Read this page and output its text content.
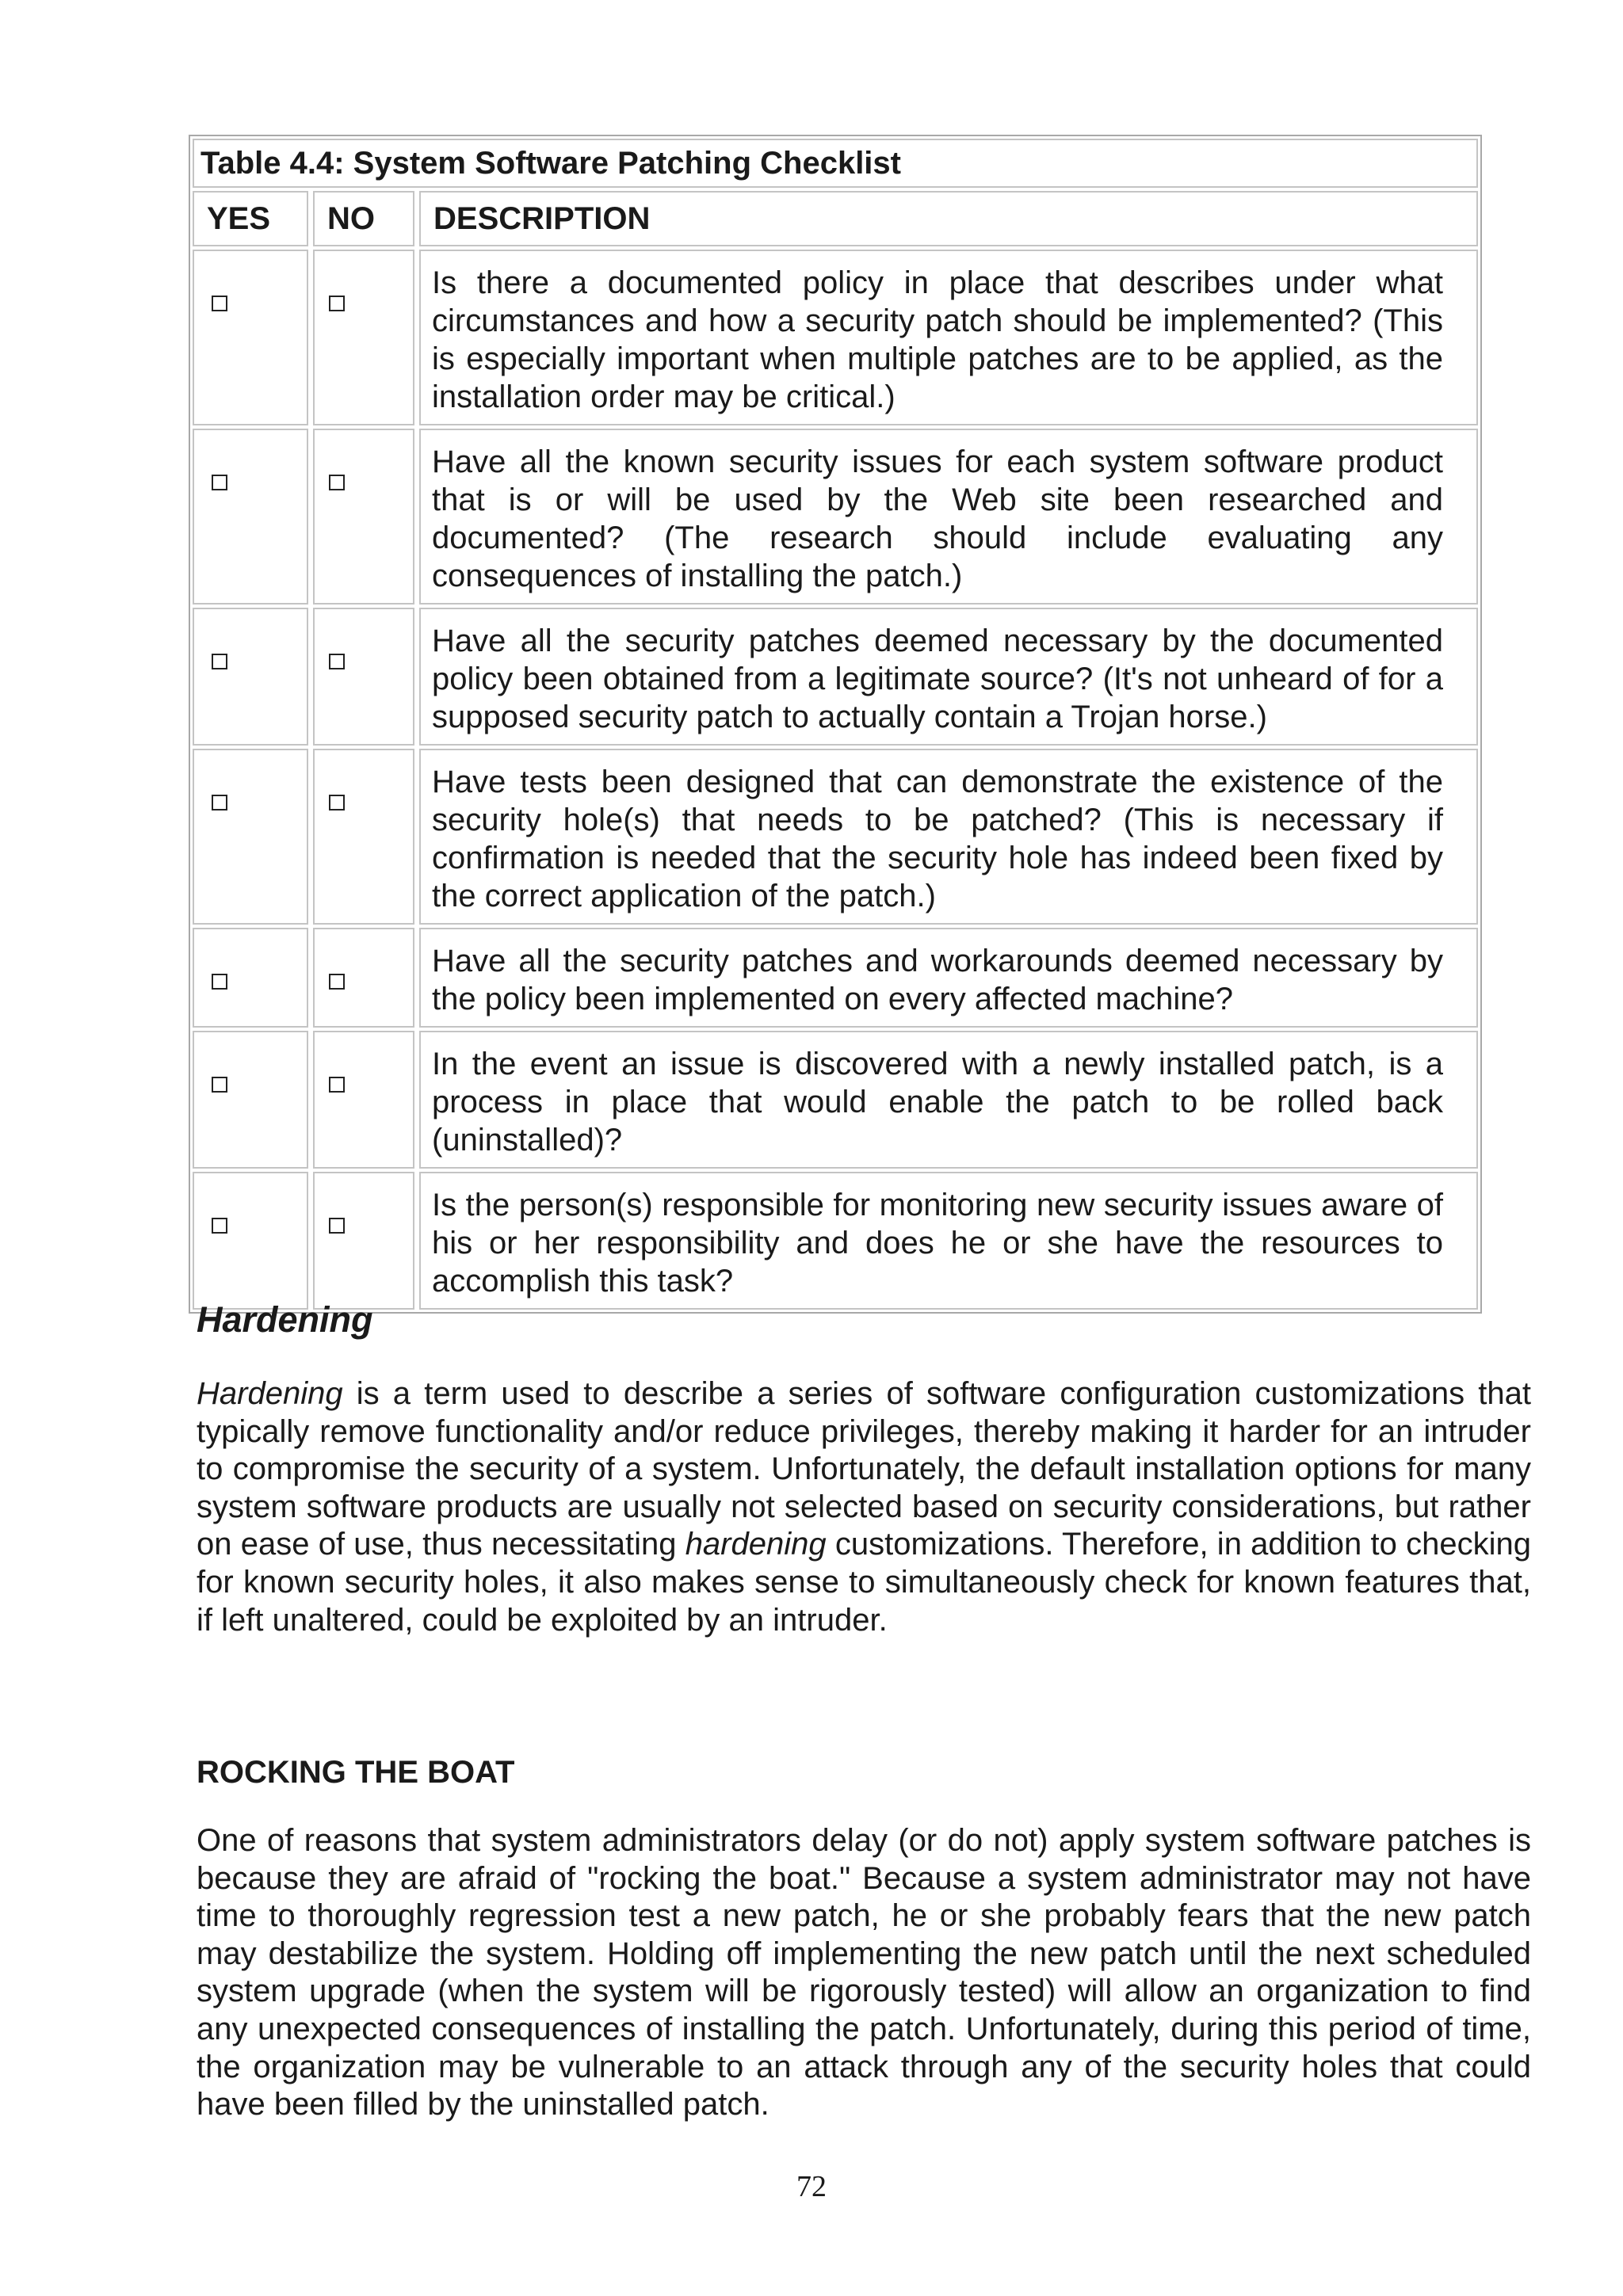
Table 4.4: System Software Patching Checklist
YES	NO	DESCRIPTION
Is there a documented policy in place that describes under what circumstances and how a security patch should be implemented? (This is especially important when multiple patches are to be applied, as the installation order may be critical.)
Have all the known security issues for each system software product that is or will be used by the Web site been researched and documented? (The research should include evaluating any consequences of installing the patch.)
Have all the security patches deemed necessary by the documented policy been obtained from a legitimate source? (It's not unheard of for a supposed security patch to actually contain a Trojan horse.)
Have tests been designed that can demonstrate the existence of the security hole(s) that needs to be patched? (This is necessary if confirmation is needed that the security hole has indeed been fixed by the correct application of the patch.)
Have all the security patches and workarounds deemed necessary by the policy been implemented on every affected machine?
In the event an issue is discovered with a newly installed patch, is a process in place that would enable the patch to be rolled back (uninstalled)?
Is the person(s) responsible for monitoring new security issues aware of his or her responsibility and does he or she have the resources to accomplish this task?
Hardening

Hardening is a term used to describe a series of software configuration customizations that typically remove functionality and/or reduce privileges, thereby making it harder for an intruder to compromise the security of a system. Unfortunately, the default installation options for many system software products are usually not selected based on security considerations, but rather on ease of use, thus necessitating hardening customizations. Therefore, in addition to checking for known security holes, it also makes sense to simultaneously check for known features that, if left unaltered, could be exploited by an intruder.

ROCKING THE BOAT

One of reasons that system administrators delay (or do not) apply system software patches is because they are afraid of "rocking the boat." Because a system administrator may not have time to thoroughly regression test a new patch, he or she probably fears that the new patch may destabilize the system. Holding off implementing the new patch until the next scheduled system upgrade (when the system will be rigorously tested) will allow an organization to find any unexpected consequences of installing the patch. Unfortunately, during this period of time, the organization may be vulnerable to an attack through any of the security holes that could have been filled by the uninstalled patch.

72
